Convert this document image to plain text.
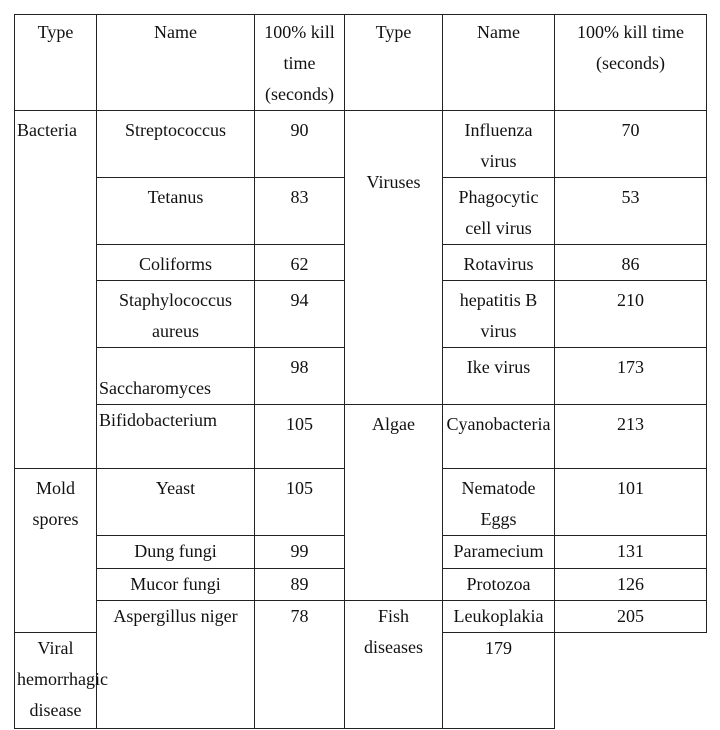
Type	Name	100% kill time (seconds)	Type	Name	100% kill time (seconds)
Bacteria	Streptococcus	90	Viruses	Influenza virus	70
	Tetanus	83		Phagocytic cell virus	53
	Coliforms	62		Rotavirus	86
	Staphylococcus aureus	94		hepatitis B virus	210
	Saccharomyces	98		Ike virus	173
	Bifidobacterium	105	Algae	Cyanobacteria	213
Mold spores	Yeast	105		Nematode Eggs	101
	Dung fungi	99		Paramecium	131
	Mucor fungi	89		Protozoa	126
	Aspergillus niger	78	Fish diseases	Leukoplakia	205
Viral hemorrhagic disease				179	
